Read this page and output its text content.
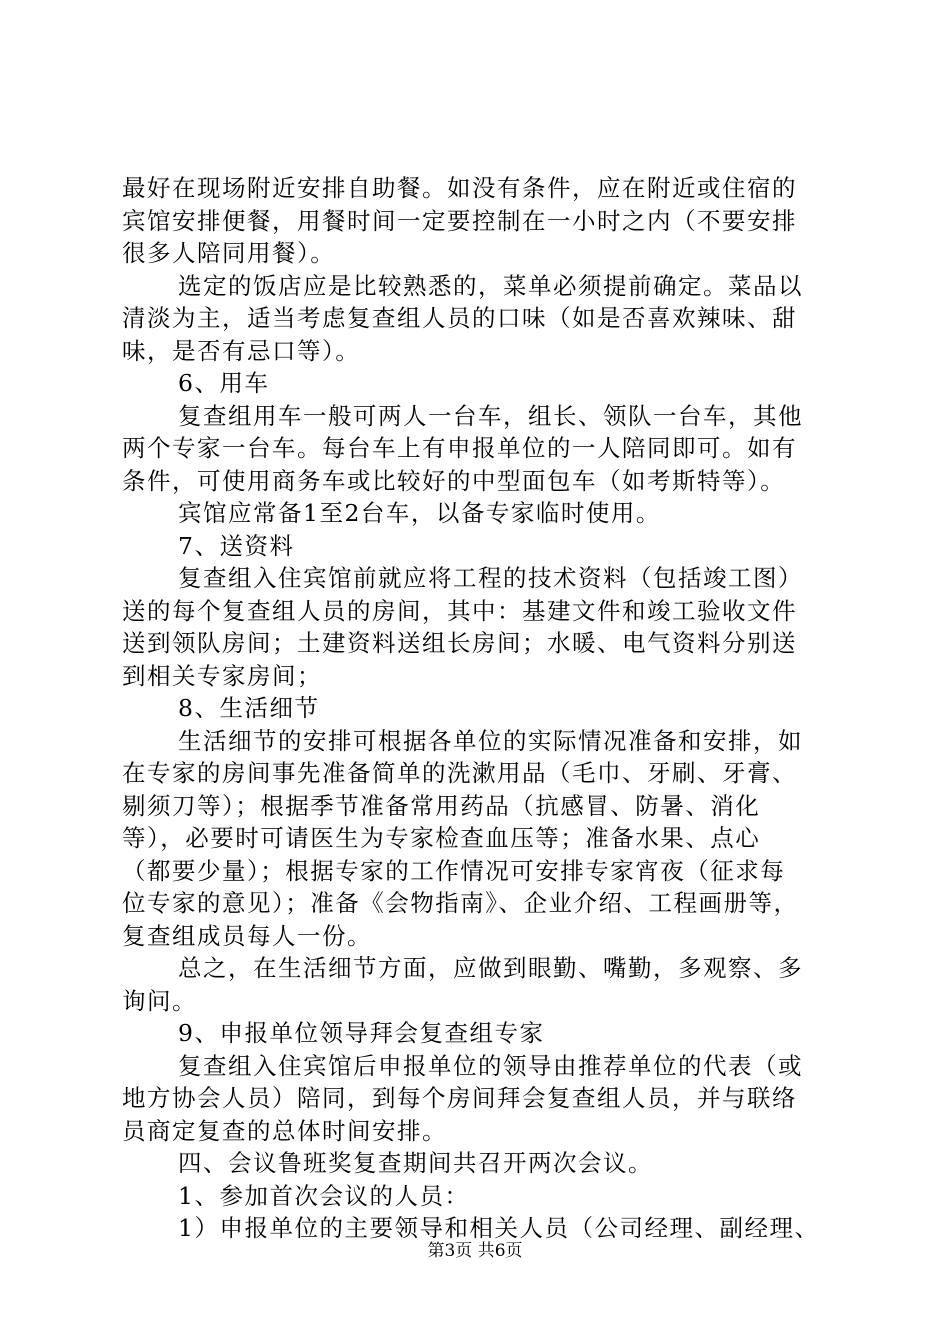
最好在现场附近安排自助餐。如没有条件，应在附近或住宿的
宾馆安排便餐，用餐时间一定要控制在一小时之内（不要安排
很多人陪同用餐）。
选定的饭店应是比较熟悉的，菜单必须提前确定。菜品以
清淡为主，适当考虑复查组人员的口味（如是否喜欢辣味、甜
味，是否有忌口等）。
6、用车
复查组用车一般可两人一台车，组长、领队一台车，其他
两个专家一台车。每台车上有申报单位的一人陪同即可。如有
条件，可使用商务车或比较好的中型面包车（如考斯特等）。
宾馆应常备1至2台车，以备专家临时使用。
7、送资料
复查组入住宾馆前就应将工程的技术资料（包括竣工图）
送的每个复查组人员的房间，其中：基建文件和竣工验收文件
送到领队房间；土建资料送组长房间；水暖、电气资料分别送
到相关专家房间；
8、生活细节
生活细节的安排可根据各单位的实际情况准备和安排，如
在专家的房间事先准备简单的洗漱用品（毛巾、牙刷、牙膏、
剔须刀等）；根据季节准备常用药品（抗感冒、防暑、消化
等），必要时可请医生为专家检查血压等；准备水果、点心
（都要少量）；根据专家的工作情况可安排专家宵夜（征求每
位专家的意见）；准备《会物指南》、企业介绍、工程画册等，
复查组成员每人一份。
总之，在生活细节方面，应做到眼勤、嘴勤，多观察、多
询问。
9、申报单位领导拜会复查组专家
复查组入住宾馆后申报单位的领导由推荐单位的代表（或
地方协会人员）陪同，到每个房间拜会复查组人员，并与联络
员商定复查的总体时间安排。
四、会议鲁班奖复查期间共召开两次会议。
1、参加首次会议的人员：
1）申报单位的主要领导和相关人员（公司经理、副经理、
第3页 共6页
